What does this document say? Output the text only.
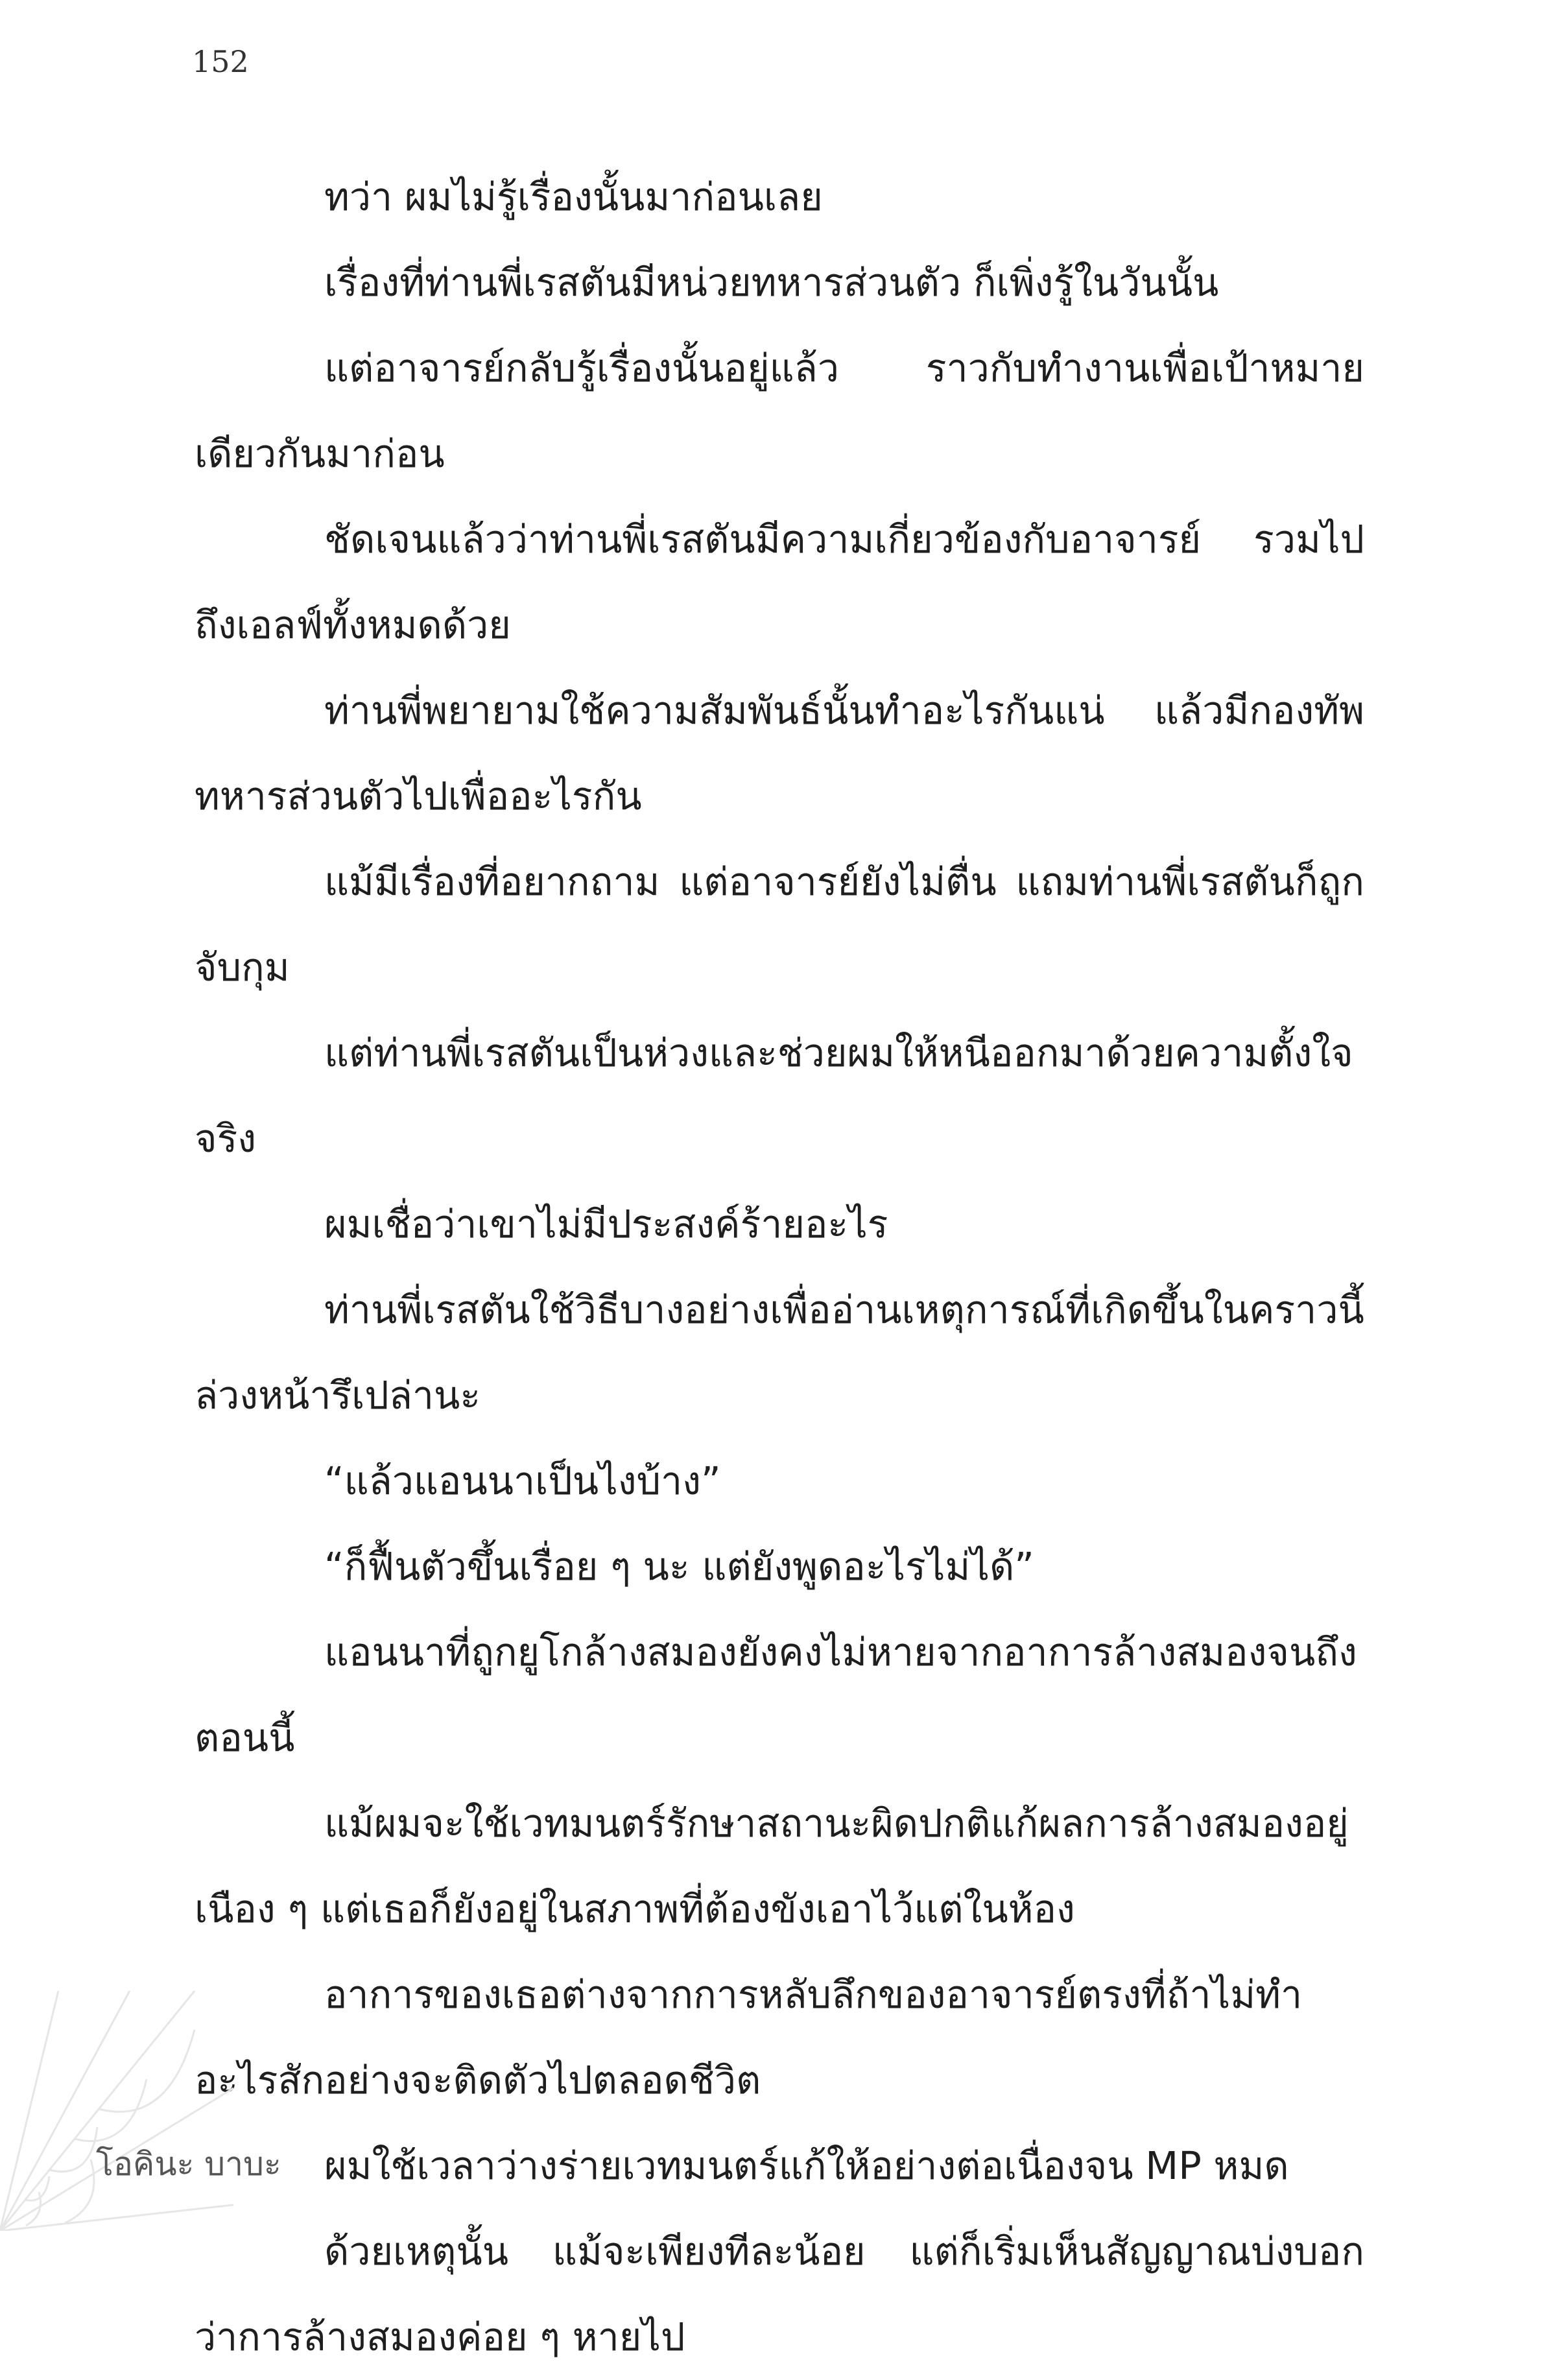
152

ทว่า ผมไม่รู้เรื่องนั้นมาก่อนเลย

เรื่องที่ท่านพี่เรสตันมีหน่วยทหารส่วนตัว ก็เพิ่งรู้ในวันนั้น

แต่อาจารย์กลับรู้เรื่องนั้นอยู่แล้ว ราวกับทำงานเพื่อเป้าหมายเดียวกันมาก่อน

ชัดเจนแล้วว่าท่านพี่เรสตันมีความเกี่ยวข้องกับอาจารย์ รวมไปถึงเอลฟ์ทั้งหมดด้วย

ท่านพี่พยายามใช้ความสัมพันธ์นั้นทำอะไรกันแน่ แล้วมีกองทัพทหารส่วนตัวไปเพื่ออะไรกัน

แม้มีเรื่องที่อยากถาม แต่อาจารย์ยังไม่ตื่น แถมท่านพี่เรสตันก็ถูกจับกุม

แต่ท่านพี่เรสตันเป็นห่วงและช่วยผมให้หนีออกมาด้วยความตั้งใจจริง

ผมเชื่อว่าเขาไม่มีประสงค์ร้ายอะไร

ท่านพี่เรสตันใช้วิธีบางอย่างเพื่ออ่านเหตุการณ์ที่เกิดขึ้นในคราวนี้ล่วงหน้ารึเปล่านะ

“แล้วแอนนาเป็นไงบ้าง”

“ก็ฟื้นตัวขึ้นเรื่อย ๆ นะ แต่ยังพูดอะไรไม่ได้”

แอนนาที่ถูกยูโกล้างสมองยังคงไม่หายจากอาการล้างสมองจนถึงตอนนี้

แม้ผมจะใช้เวทมนตร์รักษาสถานะผิดปกติแก้ผลการล้างสมองอยู่เนือง ๆ แต่เธอก็ยังอยู่ในสภาพที่ต้องขังเอาไว้แต่ในห้อง

อาการของเธอต่างจากการหลับลึกของอาจารย์ตรงที่ถ้าไม่ทำอะไรสักอย่างจะติดตัวไปตลอดชีวิต

ผมใช้เวลาว่างร่ายเวทมนตร์แก้ให้อย่างต่อเนื่องจน MP หมด

ด้วยเหตุนั้น แม้จะเพียงทีละน้อย แต่ก็เริ่มเห็นสัญญาณบ่งบอกว่าการล้างสมองค่อย ๆ หายไป

โอคินะ บาบะ
